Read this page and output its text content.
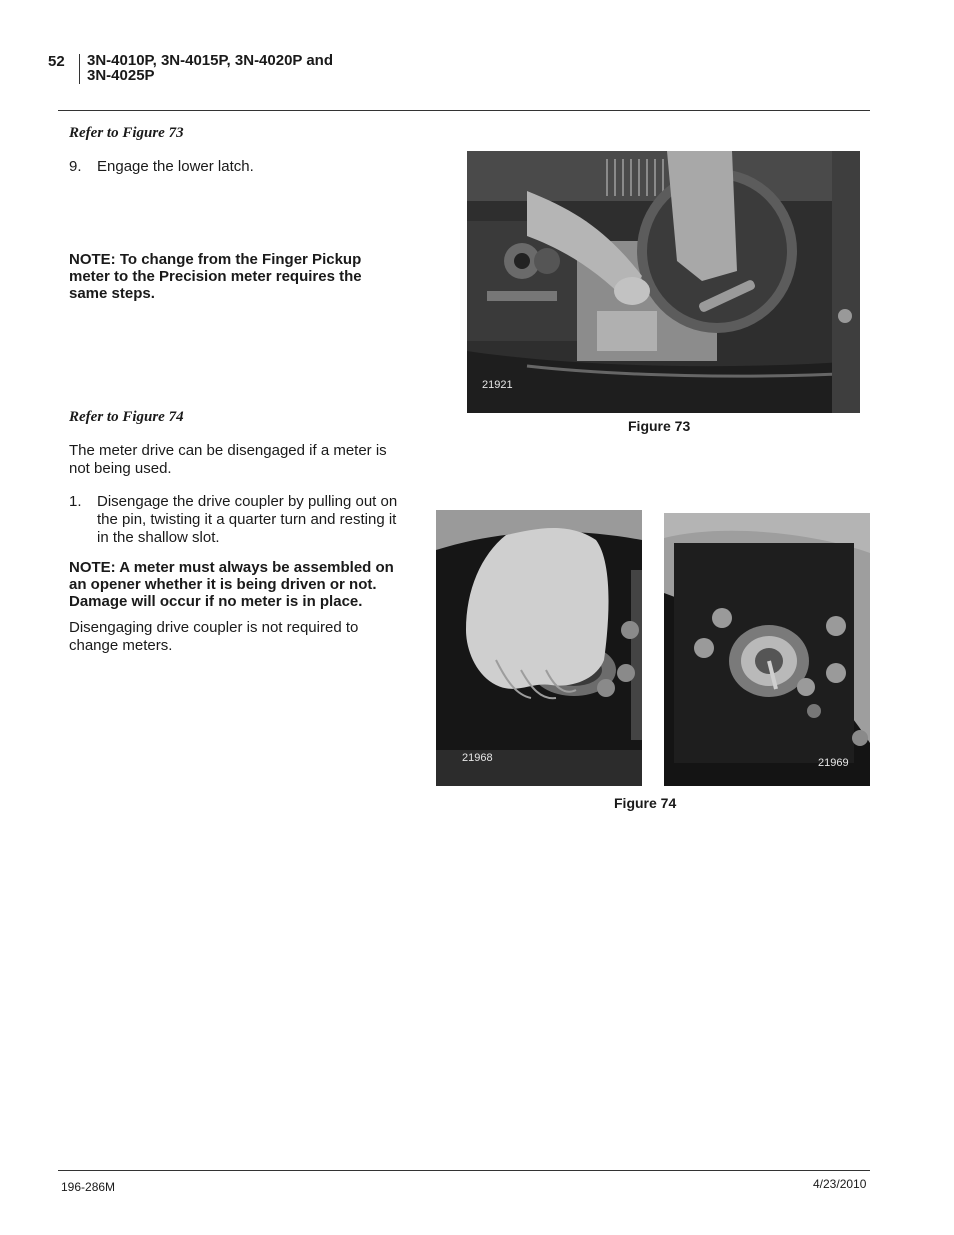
52 3N-4010P, 3N-4015P, 3N-4020P and
3N-4025P
Refer to Figure 73
9. Engage the lower latch.
NOTE: To change from the Finger Pickup
meter to the Precision meter requires the
same steps.
Refer to Figure 74
The meter drive can be disengaged if a meter is
not being used.
1. Disengage the drive coupler by pulling out on
the pin, twisting it a quarter turn and resting it
in the shallow slot.
NOTE: A meter must always be assembled on
an opener whether it is being driven or not.
Damage will occur if no meter is in place.
Disengaging drive coupler is not required to
change meters.
21921
Figure 73
21968	21969
Figure 74
196-286M	4/23/2010
